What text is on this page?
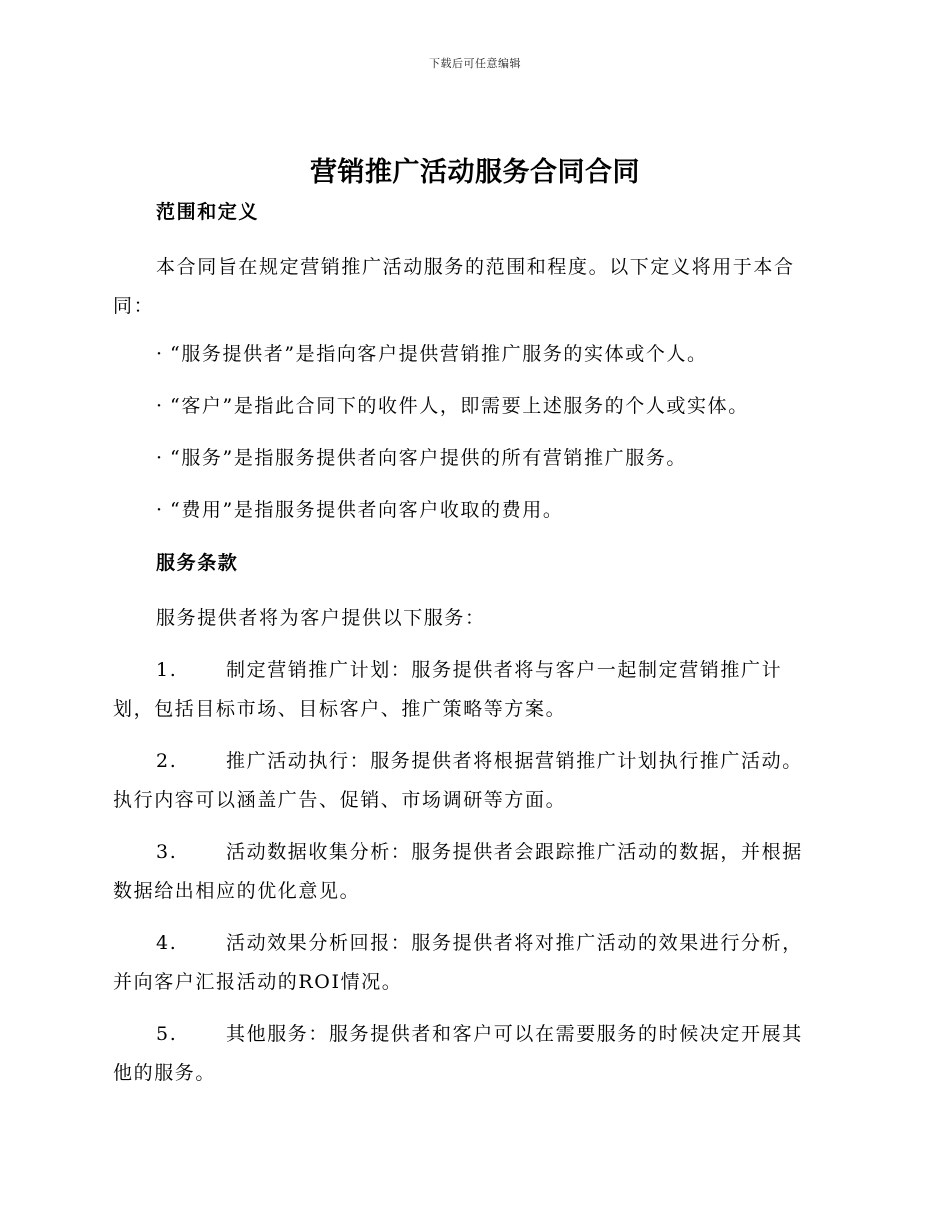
下载后可任意编辑
营销推广活动服务合同合同
范围和定义
本合同旨在规定营销推广活动服务的范围和程度。以下定义将用于本合同：
· “服务提供者”是指向客户提供营销推广服务的实体或个人。
· “客户”是指此合同下的收件人，即需要上述服务的个人或实体。
· “服务”是指服务提供者向客户提供的所有营销推广服务。
· “费用”是指服务提供者向客户收取的费用。
服务条款
服务提供者将为客户提供以下服务：
1.	制定营销推广计划：服务提供者将与客户一起制定营销推广计
划，包括目标市场、目标客户、推广策略等方案。
2.	推广活动执行：服务提供者将根据营销推广计划执行推广活动。
执行内容可以涵盖广告、促销、市场调研等方面。
3.	活动数据收集分析：服务提供者会跟踪推广活动的数据，并根据
数据给出相应的优化意见。
4.	活动效果分析回报：服务提供者将对推广活动的效果进行分析，
并向客户汇报活动的ROI情况。
5.	其他服务：服务提供者和客户可以在需要服务的时候决定开展其
他的服务。
